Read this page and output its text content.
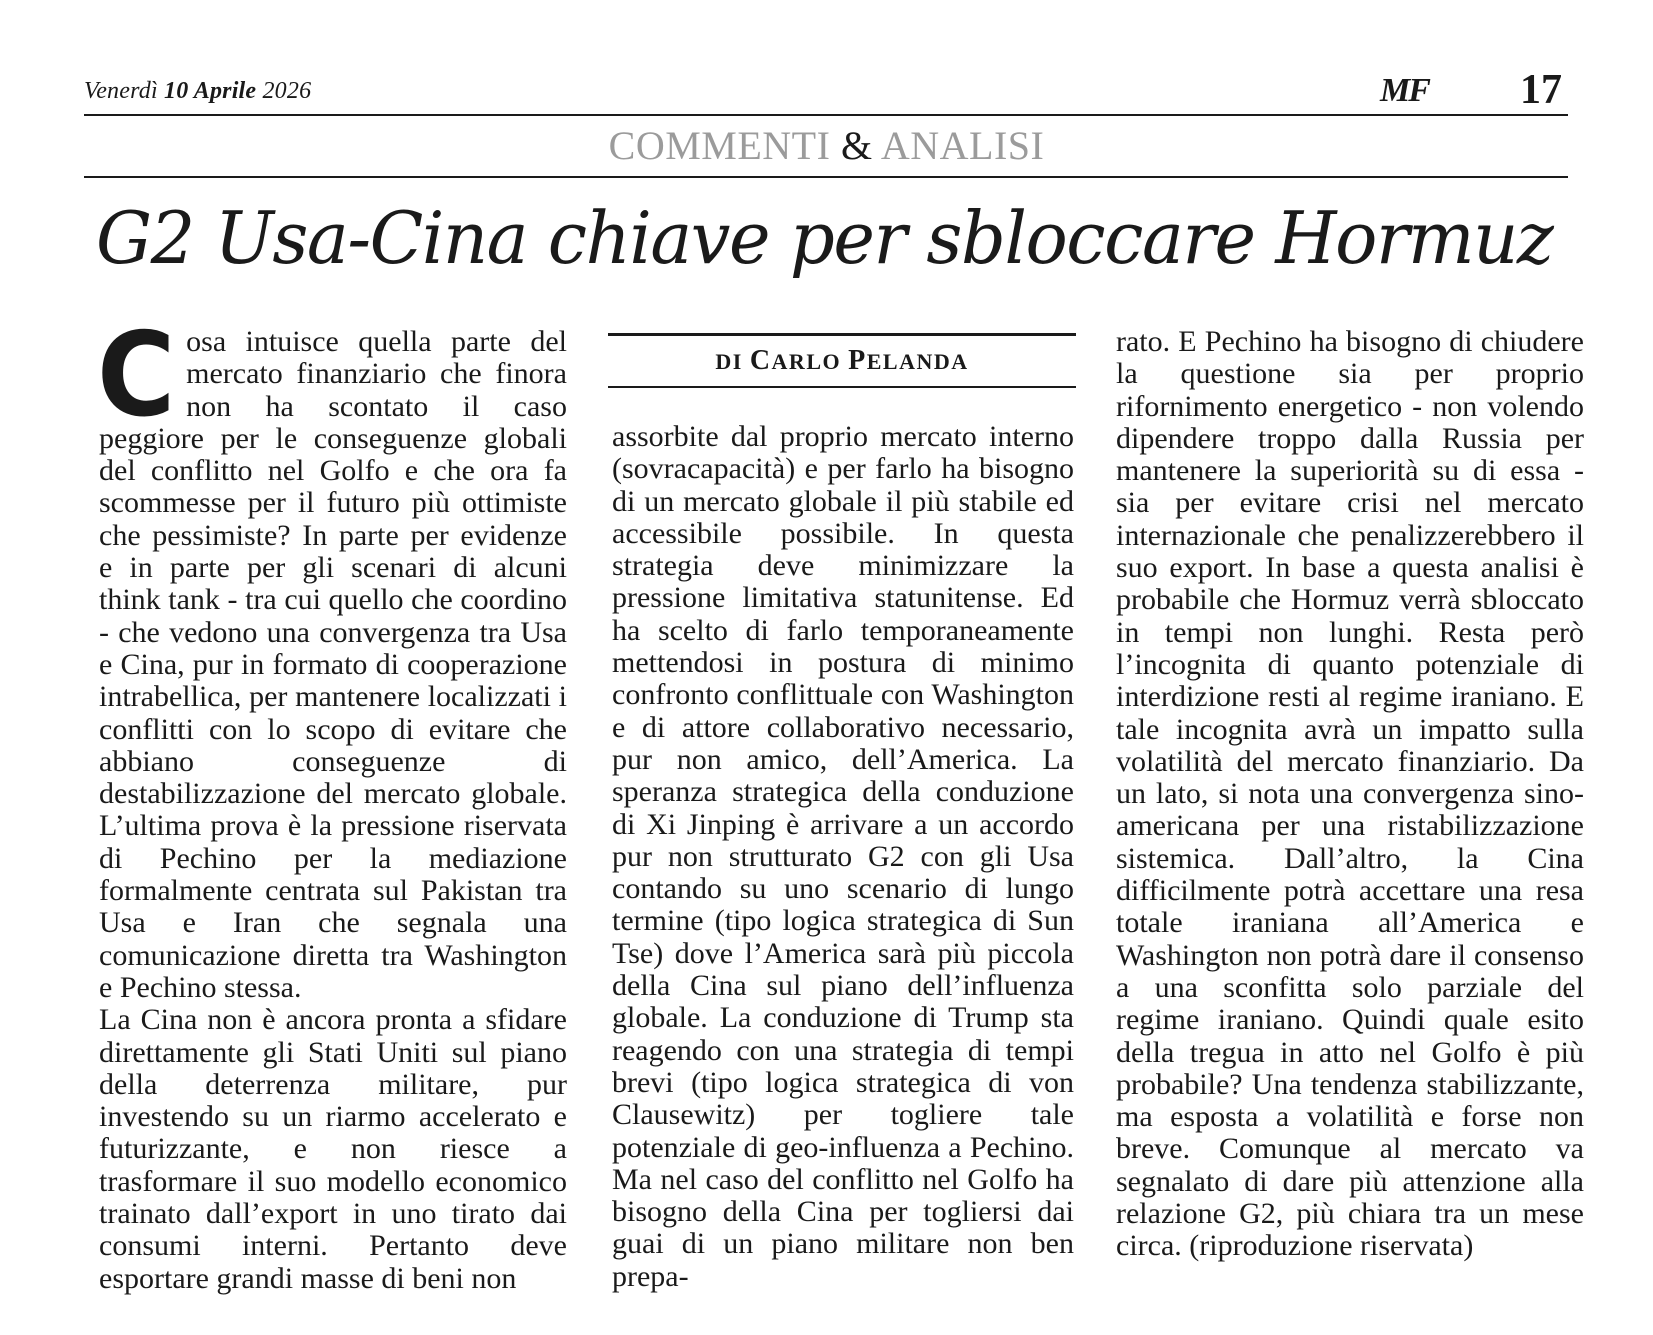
Venerdì 10 Aprile 2026	MF 17
COMMENTI & ANALISI
G2 Usa-Cina chiave per sbloccare Hormuz
C osa intuisce quella parte del mercato finanziario che finora non ha scontato il caso peggiore per le conseguenze globali del conflitto nel Golfo e che ora fa scommesse per il futuro più ottimiste che pessimiste? In parte per evidenze e in parte per gli scenari di alcuni think tank - tra cui quello che coordino - che vedono una convergenza tra Usa e Cina, pur in formato di cooperazione intrabellica, per mantenere localizzati i conflitti con lo scopo di evitare che abbiano conseguenze di destabilizzazione del mercato globale. L’ultima prova è la pressione riservata di Pechino per la mediazione formalmente centrata sul Pakistan tra Usa e Iran che segnala una comunicazione diretta tra Washington e Pechino stessa.

La Cina non è ancora pronta a sfidare direttamente gli Stati Uniti sul piano della deterrenza militare, pur investendo su un riarmo accelerato e futurizzante, e non riesce a trasformare il suo modello economico trainato dall’export in uno tirato dai consumi interni. Pertanto deve esportare grandi masse di beni non

DI CARLO PELANDA

assorbite dal proprio mercato interno (sovracapacità) e per farlo ha bisogno di un mercato globale il più stabile ed accessibile possibile. In questa strategia deve minimizzare la pressione limitativa statunitense. Ed ha scelto di farlo temporaneamente mettendosi in postura di minimo confronto conflittuale con Washington e di attore collaborativo necessario, pur non amico, dell’America. La speranza strategica della conduzione di Xi Jinping è arrivare a un accordo pur non strutturato G2 con gli Usa contando su uno scenario di lungo termine (tipo logica strategica di Sun Tse) dove l’America sarà più piccola della Cina sul piano dell’influenza globale. La conduzione di Trump sta reagendo con una strategia di tempi brevi (tipo logica strategica di von Clausewitz) per togliere tale potenziale di geo-influenza a Pechino. Ma nel caso del conflitto nel Golfo ha bisogno della Cina per togliersi dai guai di un piano militare non ben prepa-

rato. E Pechino ha bisogno di chiudere la questione sia per proprio rifornimento energetico - non volendo dipendere troppo dalla Russia per mantenere la superiorità su di essa - sia per evitare crisi nel mercato internazionale che penalizzerebbero il suo export. In base a questa analisi è probabile che Hormuz verrà sbloccato in tempi non lunghi. Resta però l’incognita di quanto potenziale di interdizione resti al regime iraniano. E tale incognita avrà un impatto sulla volatilità del mercato finanziario. Da un lato, si nota una convergenza sino-americana per una ristabilizzazione sistemica. Dall’altro, la Cina difficilmente potrà accettare una resa totale iraniana all’America e Washington non potrà dare il consenso a una sconfitta solo parziale del regime iraniano. Quindi quale esito della tregua in atto nel Golfo è più probabile? Una tendenza stabilizzante, ma esposta a volatilità e forse non breve. Comunque al mercato va segnalato di dare più attenzione alla relazione G2, più chiara tra un mese circa. (riproduzione riservata)
